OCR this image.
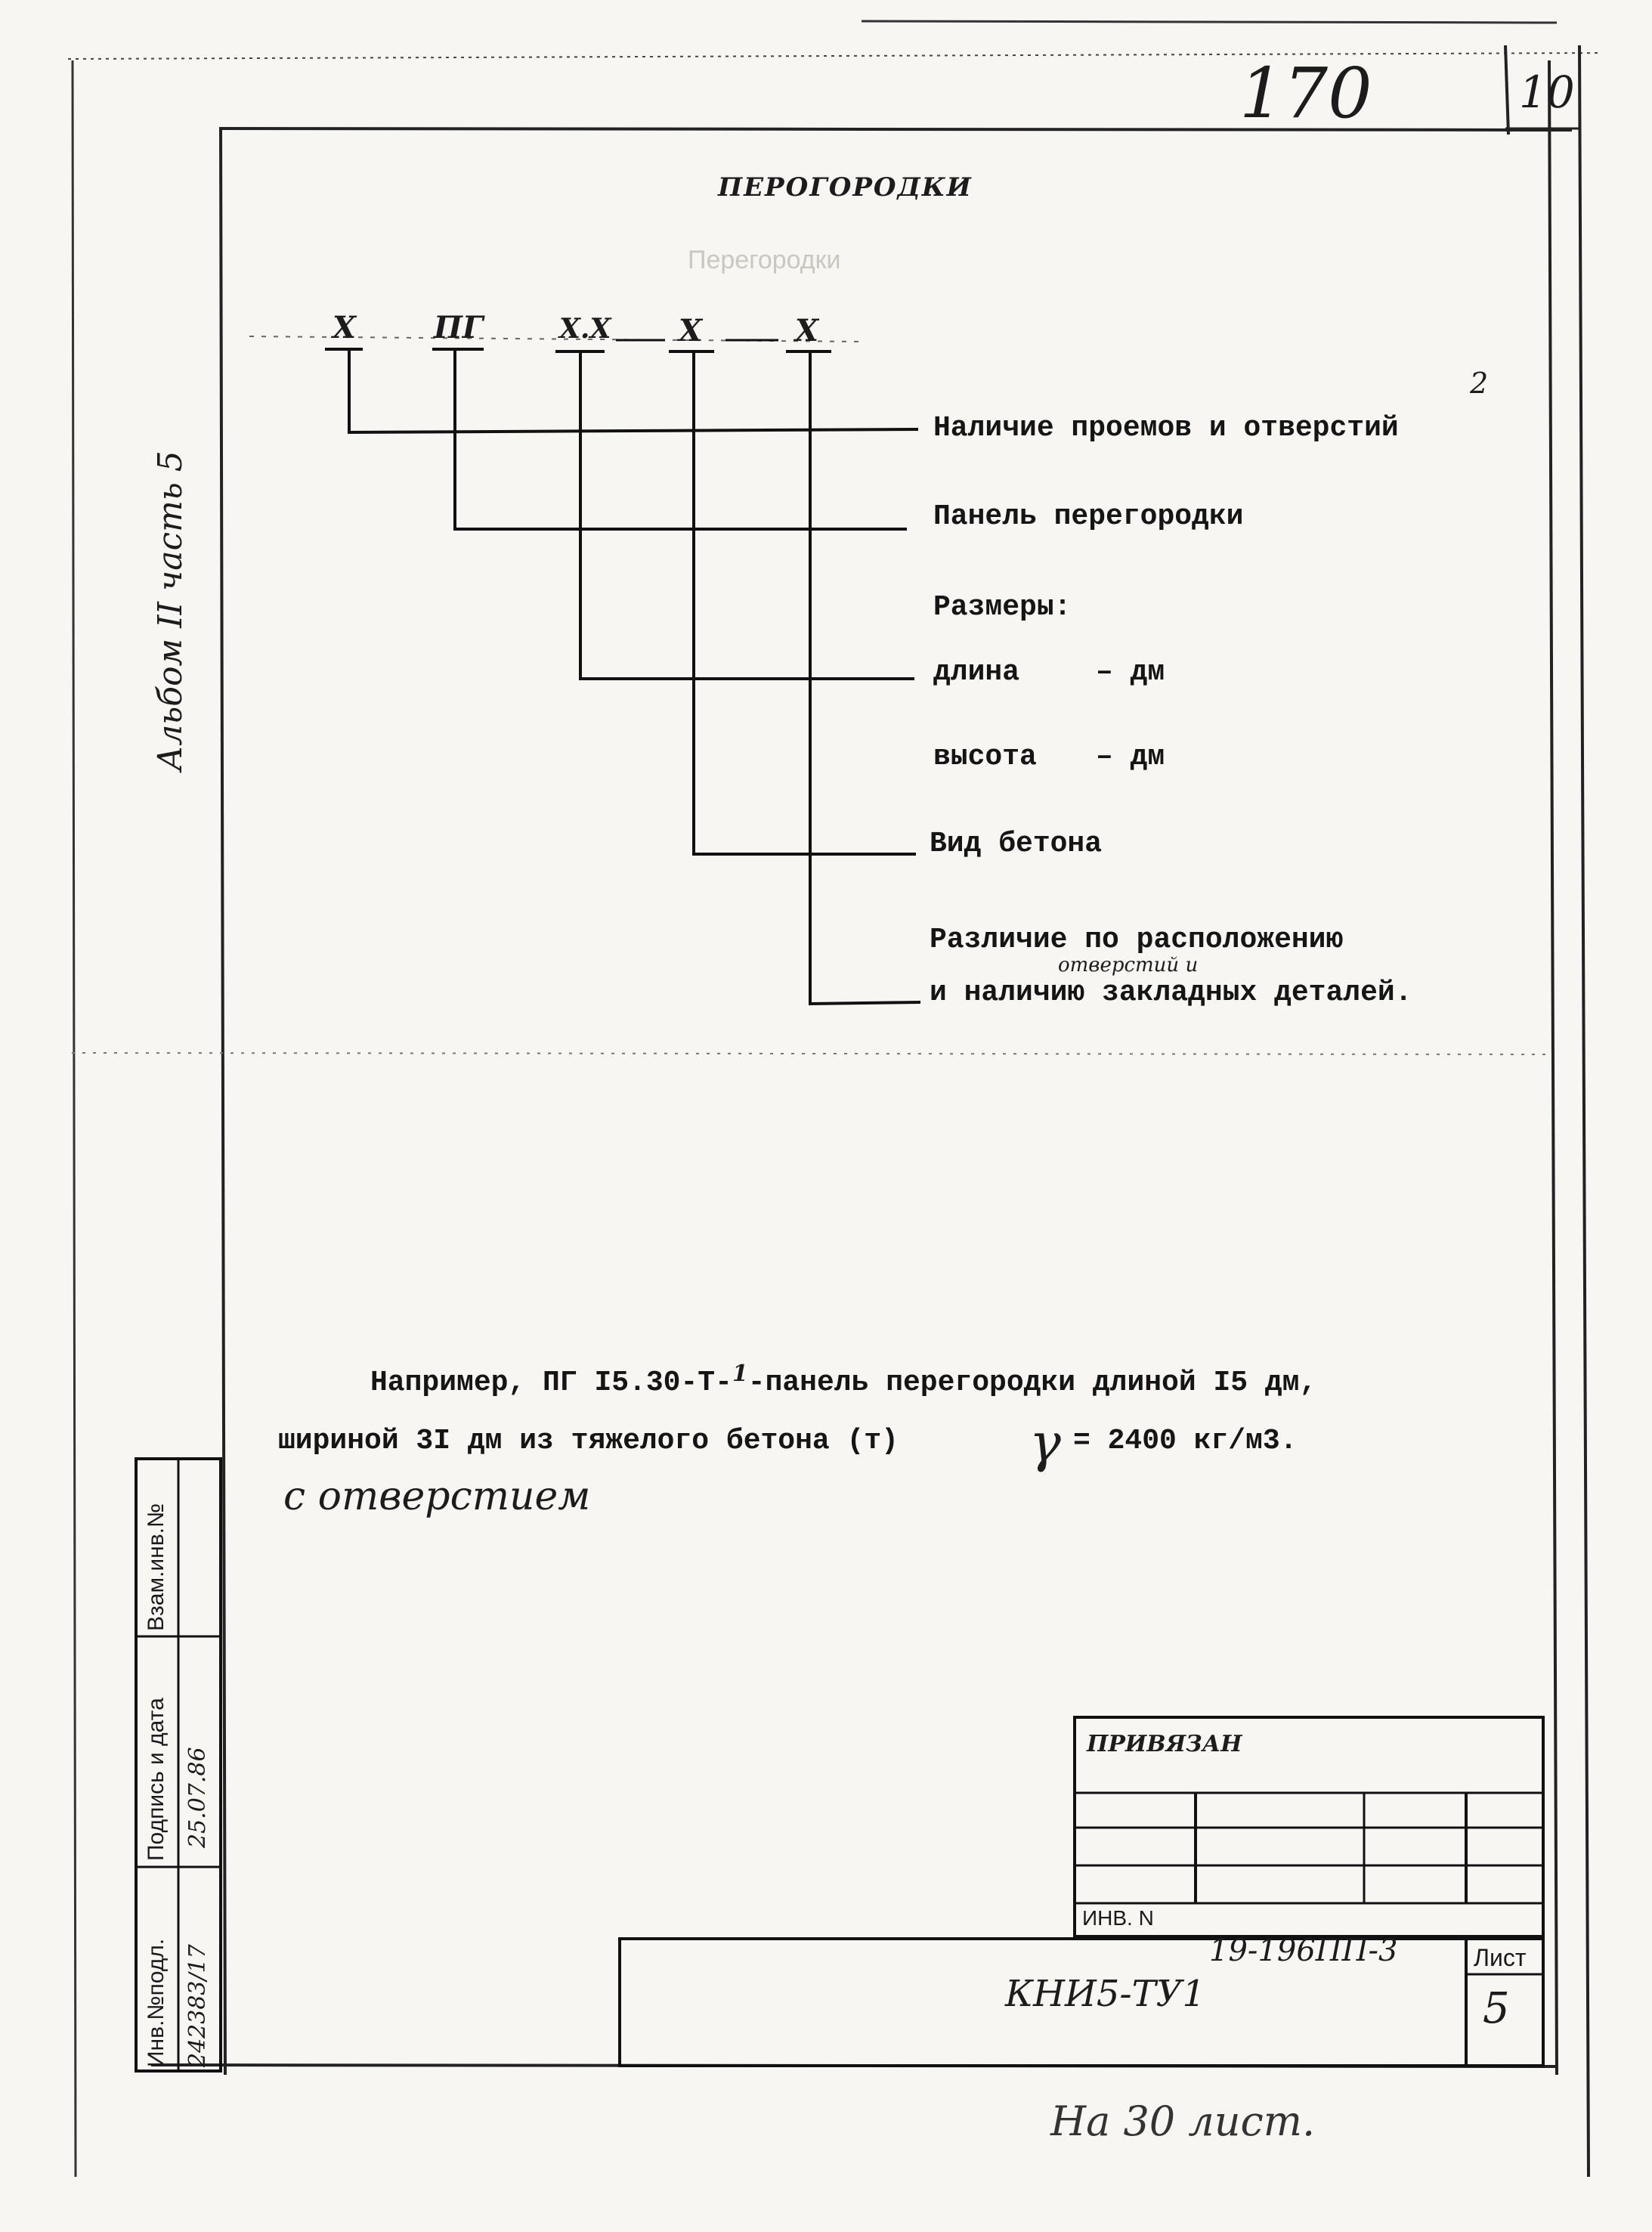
170	10
ПЕРОГОРОДКИ
Перегородки
X	ПГ	X.X X	X
2
Наличие проемов и отверстий
Панель перегородки
Размеры:
длина	– дм
высота – дм
Вид бетона
Различие по расположению
отверстий и
и наличию закладных деталей.
Альбом II часть 5
Например, ПГ I5.30-Т-$^1$-панель перегородки длиной I5 дм,
шириной 3I дм из тяжелого бетона (т) γ = 2400 кг/м3.
с отверстием
Инв.№подл. 242383/17
Подпись и дата 25.07.86
Взам.инв.№
ПРИВЯЗАН
ИНВ. N
19-196ПП-3
КНИ5-ТУ1
Лист
5
На 30 лист.
